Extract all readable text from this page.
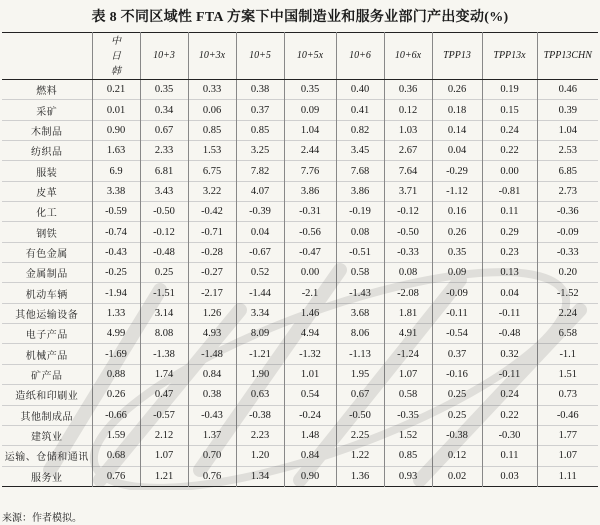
表 8 不同区域性 FTA 方案下中国制造业和服务业部门产出变动(%)
	中日韩	10+3	10+3x	10+5	10+5x	10+6	10+6x	TPP13	TPP13x	TPP13CHN
燃料	0.21	0.35	0.33	0.38	0.35	0.40	0.36	0.26	0.19	0.46
采矿	0.01	0.34	0.06	0.37	0.09	0.41	0.12	0.18	0.15	0.39
木制品	0.90	0.67	0.85	0.85	1.04	0.82	1.03	0.14	0.24	1.04
纺织品	1.63	2.33	1.53	3.25	2.44	3.45	2.67	0.04	0.22	2.53
服装	6.9	6.81	6.75	7.82	7.76	7.68	7.64	-0.29	0.00	6.85
皮革	3.38	3.43	3.22	4.07	3.86	3.86	3.71	-1.12	-0.81	2.73
化工	-0.59	-0.50	-0.42	-0.39	-0.31	-0.19	-0.12	0.16	0.11	-0.36
钢铁	-0.74	-0.12	-0.71	0.04	-0.56	0.08	-0.50	0.26	0.29	-0.09
有色金属	-0.43	-0.48	-0.28	-0.67	-0.47	-0.51	-0.33	0.35	0.23	-0.33
金属制品	-0.25	0.25	-0.27	0.52	0.00	0.58	0.08	0.09	0.13	0.20
机动车辆	-1.94	-1.51	-2.17	-1.44	-2.1	-1.43	-2.08	-0.09	0.04	-1.52
其他运输设备	1.33	3.14	1.26	3.34	1.46	3.68	1.81	-0.11	-0.11	2.24
电子产品	4.99	8.08	4.93	8.09	4.94	8.06	4.91	-0.54	-0.48	6.58
机械产品	-1.69	-1.38	-1.48	-1.21	-1.32	-1.13	-1.24	0.37	0.32	-1.1
矿产品	0.88	1.74	0.84	1.90	1.01	1.95	1.07	-0.16	-0.11	1.51
造纸和印刷业	0.26	0.47	0.38	0.63	0.54	0.67	0.58	0.25	0.24	0.73
其他制成品	-0.66	-0.57	-0.43	-0.38	-0.24	-0.50	-0.35	0.25	0.22	-0.46
建筑业	1.59	2.12	1.37	2.23	1.48	2.25	1.52	-0.38	-0.30	1.77
运输、仓储和通讯	0.68	1.07	0.70	1.20	0.84	1.22	0.85	0.12	0.11	1.07
服务业	0.76	1.21	0.76	1.34	0.90	1.36	0.93	0.02	0.03	1.11
来源：作者模拟。
